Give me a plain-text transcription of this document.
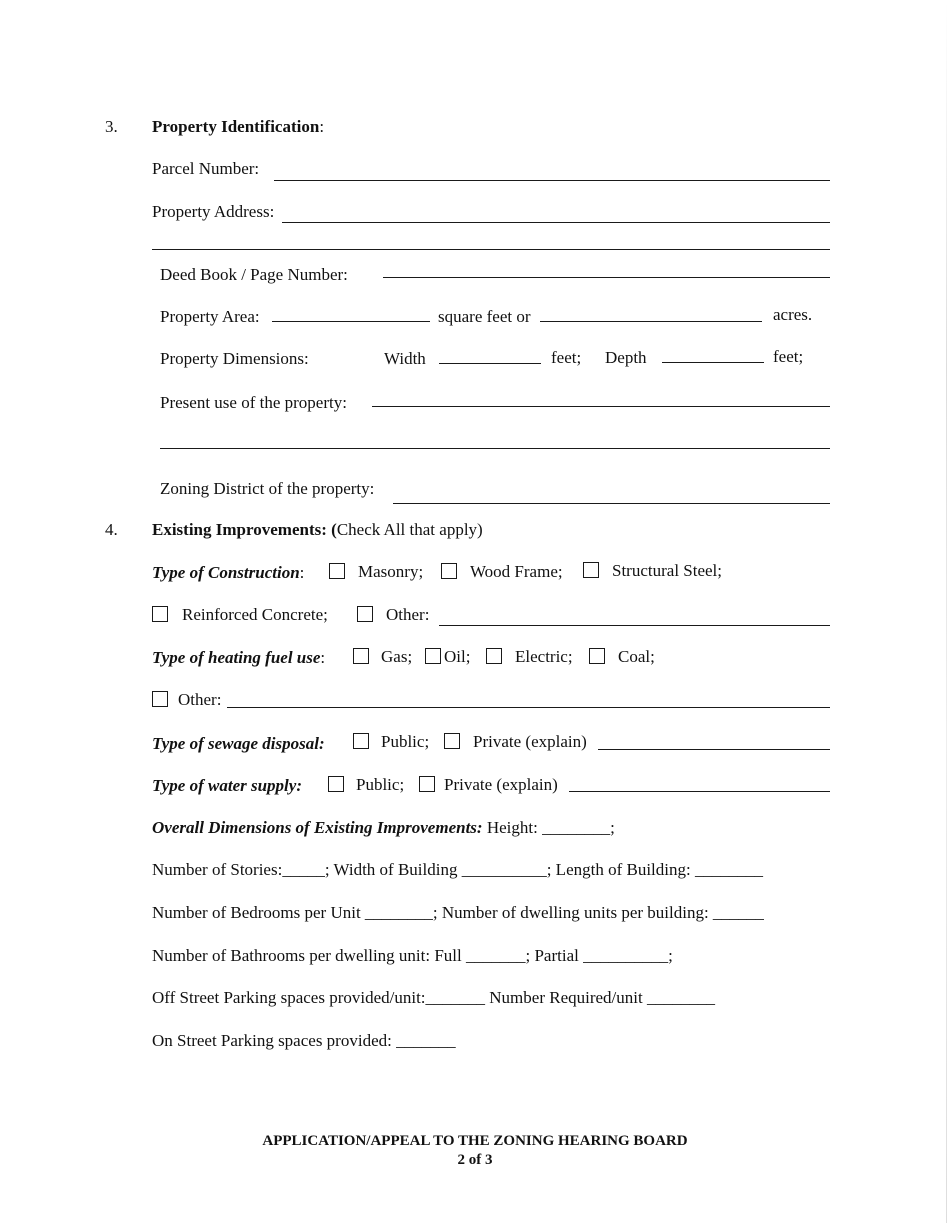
3. Property Identification:
Parcel Number:
Property Address:
Deed Book / Page Number:
Property Area:	square feet or	acres.
Property Dimensions:	Width	feet; Depth	feet;
Present use of the property:
Zoning District of the property:
4. Existing Improvements: (Check All that apply)
Type of Construction:	Masonry;	Wood Frame;	Structural Steel;
Reinforced Concrete;	Other:
Type of heating fuel use:	Gas; Oil;	Electric;	Coal;
Other:
Type of sewage disposal:	Public;	Private (explain)
Type of water supply:	Public; Private (explain)
Overall Dimensions of Existing Improvements: Height: ________;
Number of Stories:_____; Width of Building __________; Length of Building: ________
Number of Bedrooms per Unit ________; Number of dwelling units per building: ______
Number of Bathrooms per dwelling unit: Full _______; Partial __________;
Off Street Parking spaces provided/unit:_______ Number Required/unit ________
On Street Parking spaces provided: _______
APPLICATION/APPEAL TO THE ZONING HEARING BOARD
2 of 3
